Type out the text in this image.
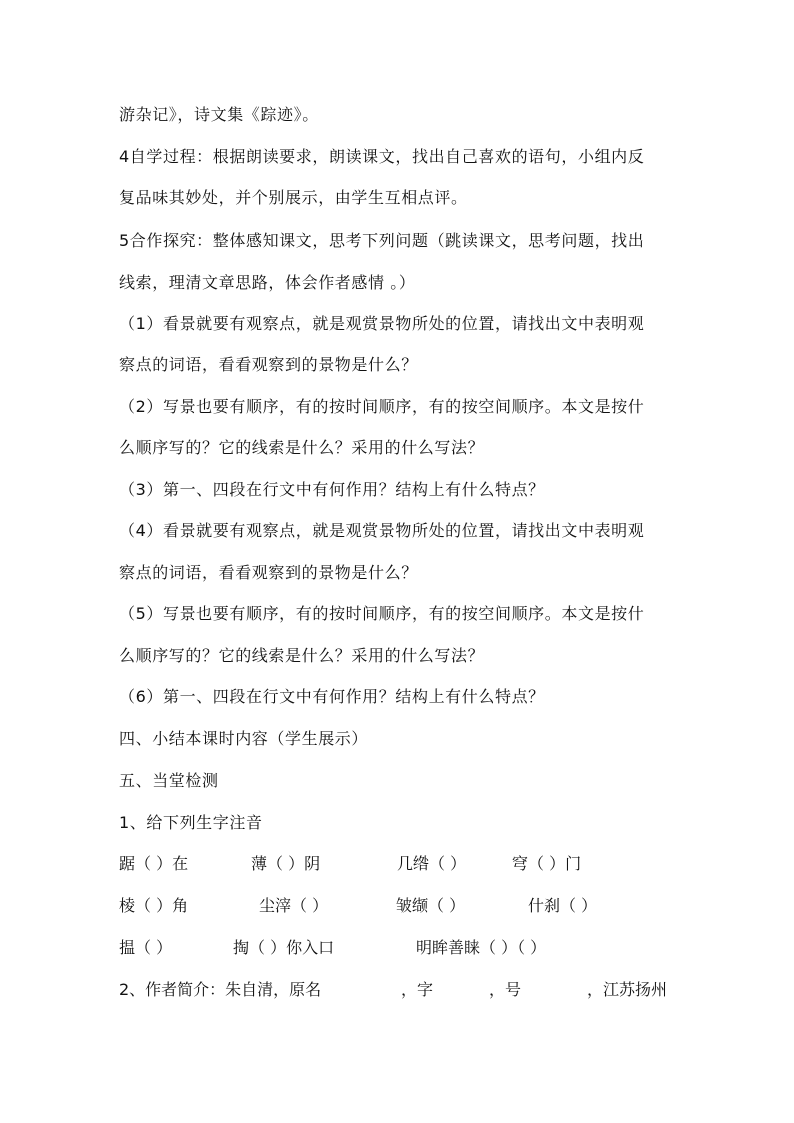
游杂记》，诗文集《踪迹》。
4自学过程：根据朗读要求，朗读课文，找出自己喜欢的语句，小组内反
复品味其妙处，并个别展示，由学生互相点评。
5合作探究：整体感知课文，思考下列问题（跳读课文，思考问题，找出
线索，理清文章思路，体会作者感情 。）
（1）看景就要有观察点，就是观赏景物所处的位置，请找出文中表明观
察点的词语，看看观察到的景物是什么？
（2）写景也要有顺序，有的按时间顺序，有的按空间顺序。本文是按什
么顺序写的？它的线索是什么？采用的什么写法？
（3）第一、四段在行文中有何作用？结构上有什么特点？
（4）看景就要有观察点，就是观赏景物所处的位置，请找出文中表明观
察点的词语，看看观察到的景物是什么？
（5）写景也要有顺序，有的按时间顺序，有的按空间顺序。本文是按什
么顺序写的？它的线索是什么？采用的什么写法？
（6）第一、四段在行文中有何作用？结构上有什么特点？
四、小结本课时内容（学生展示）
五、当堂检测
1、给下列生字注音
踞（ ）在	薄（ ）阴	几绺（ ）	穹（ ）门
棱（ ）角	尘滓（ ）	皱缬（ ）	什刹（ ）
揾（ ）	掏（ ）你入口	明眸善睐（ ）（ ）
2、作者简介：朱自清，原名	，字	，号	，江苏扬州
